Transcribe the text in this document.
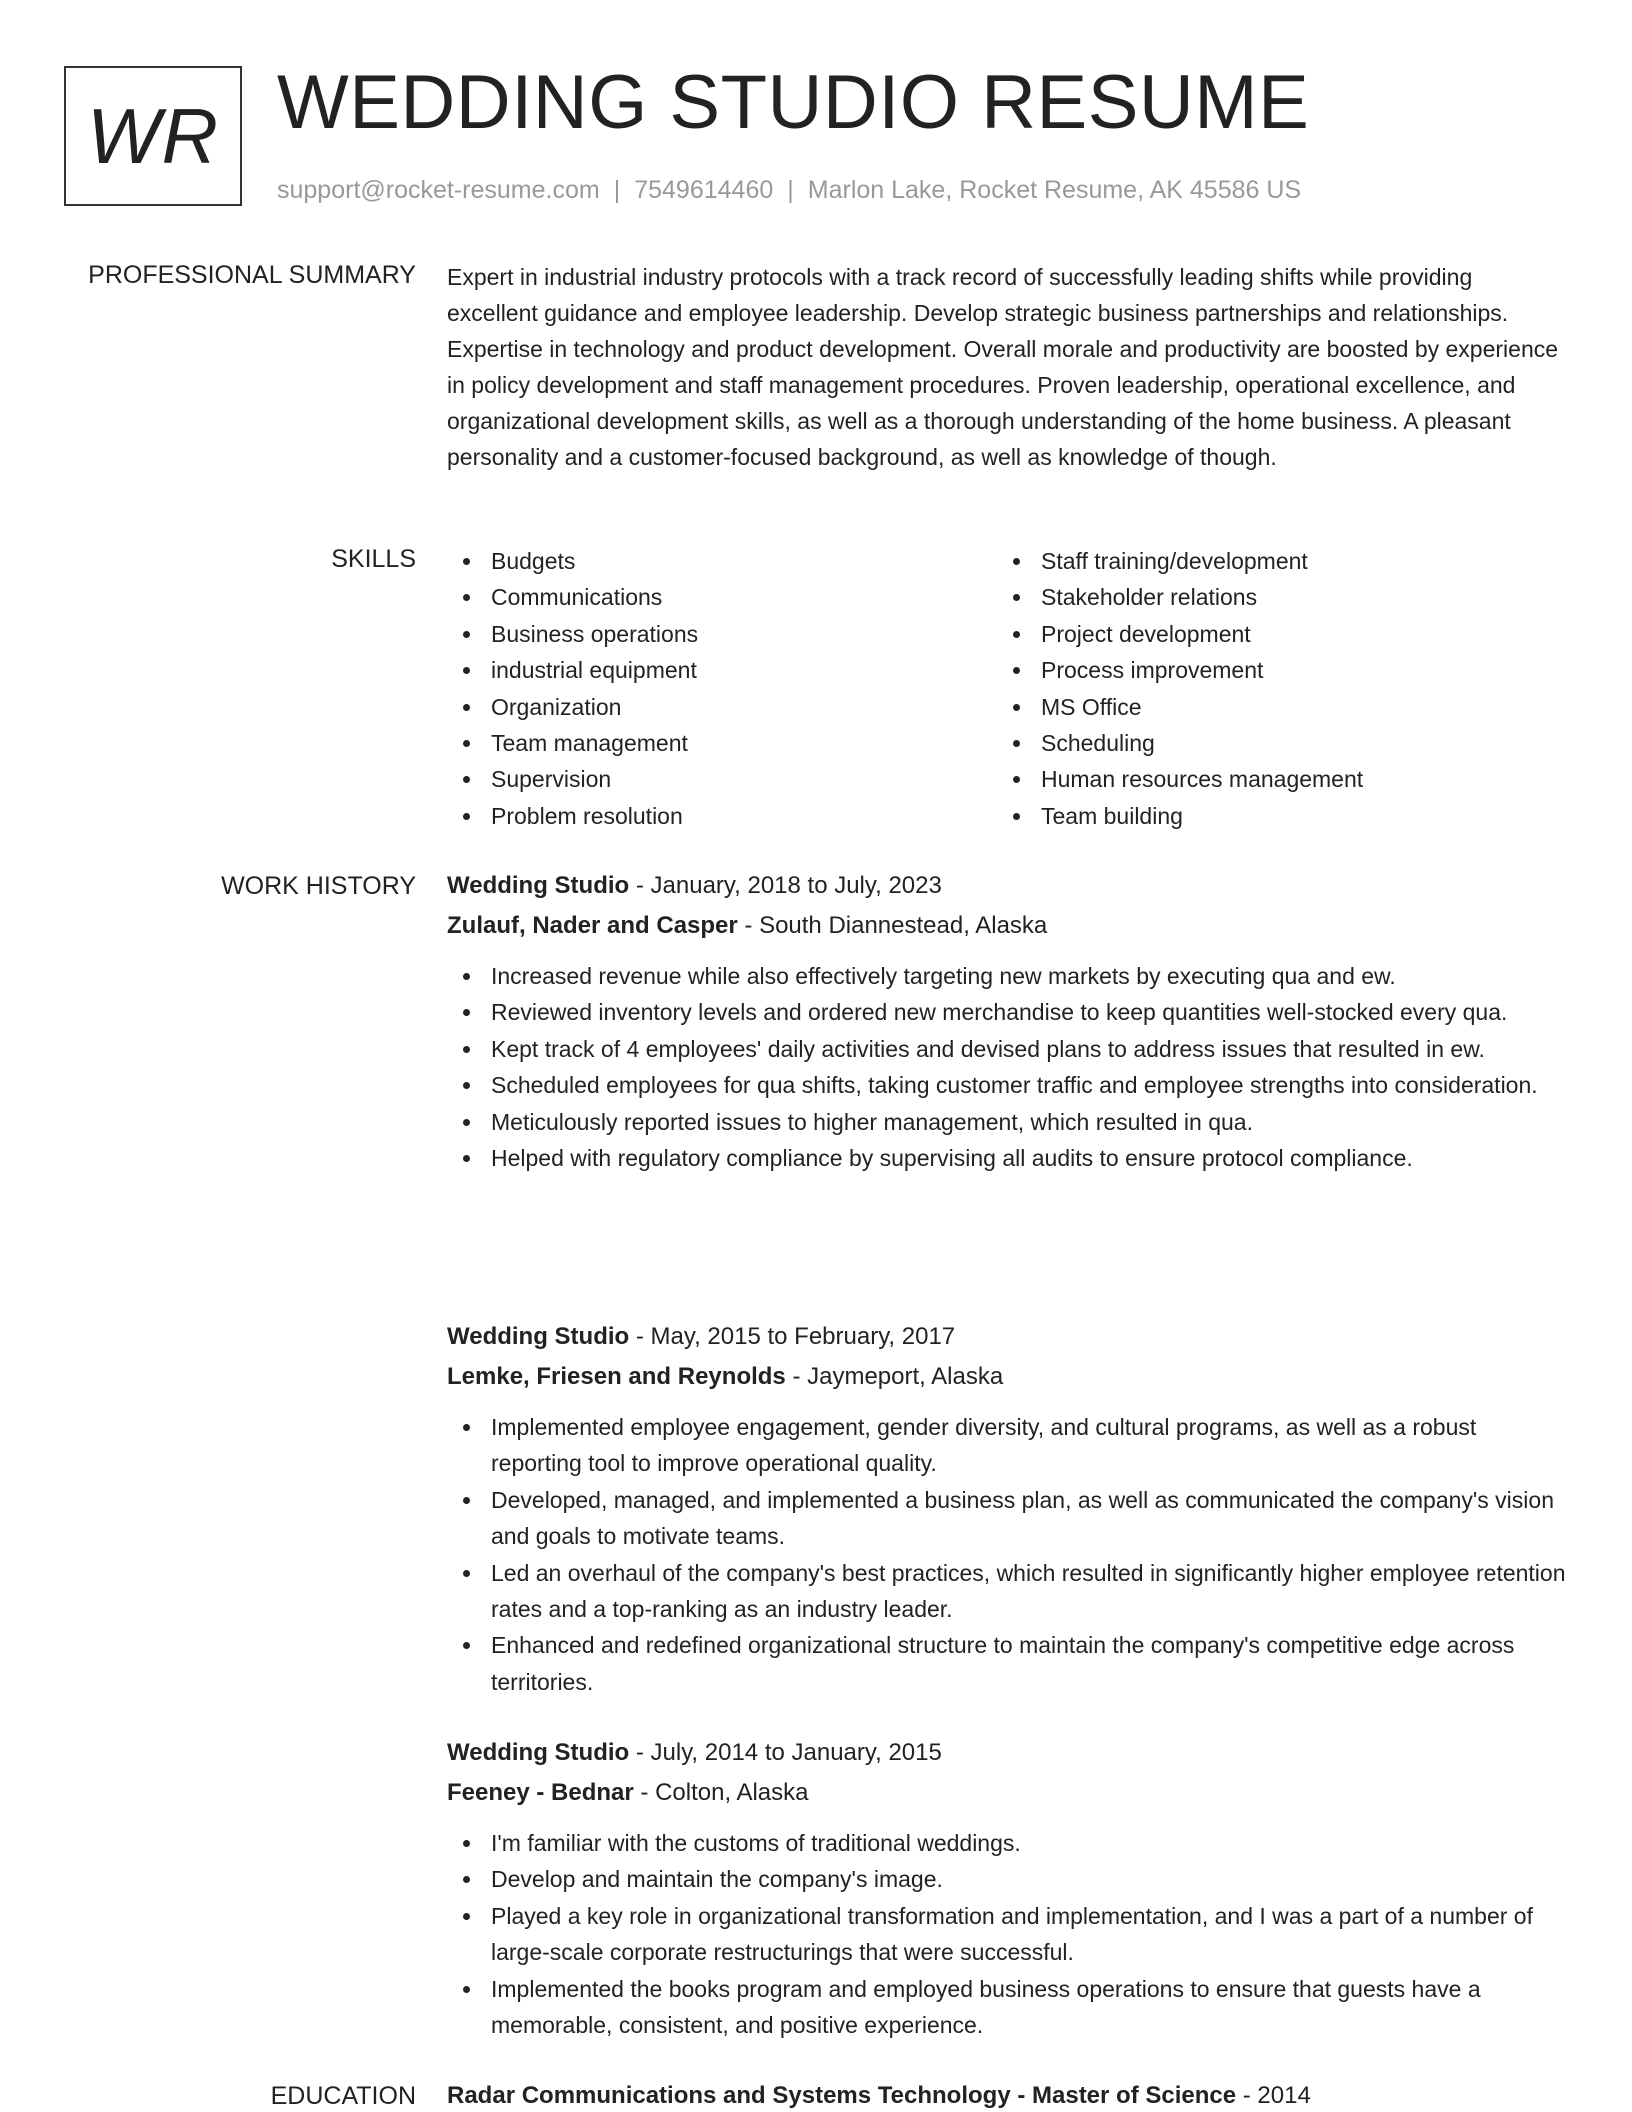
WR WEDDING STUDIO RESUME
support@rocket-resume.com | 7549614460 | Marlon Lake, Rocket Resume, AK 45586 US
PROFESSIONAL SUMMARY Expert in industrial industry protocols with a track record of successfully leading shifts while providing excellent guidance and employee leadership. Develop strategic business partnerships and relationships. Expertise in technology and product development. Overall morale and productivity are boosted by experience in policy development and staff management procedures. Proven leadership, operational excellence, and organizational development skills, as well as a thorough understanding of the home business. A pleasant personality and a customer-focused background, as well as knowledge of though.

SKILLS	Budgets
Communications
Business operations
industrial equipment
Organization
Team management
Supervision
Problem resolution
Staff training/development
Stakeholder relations
Project development
Process improvement
MS Office
Scheduling
Human resources management
Team building
WORK HISTORY Wedding Studio - January, 2018 to July, 2023
Zulauf, Nader and Casper - South Diannestead, Alaska
Increased revenue while also effectively targeting new markets by executing qua and ew.
Reviewed inventory levels and ordered new merchandise to keep quantities well-stocked every qua.
Kept track of 4 employees' daily activities and devised plans to address issues that resulted in ew.
Scheduled employees for qua shifts, taking customer traffic and employee strengths into consideration.
Meticulously reported issues to higher management, which resulted in qua.
Helped with regulatory compliance by supervising all audits to ensure protocol compliance.
Wedding Studio - May, 2015 to February, 2017
Lemke, Friesen and Reynolds - Jaymeport, Alaska
Implemented employee engagement, gender diversity, and cultural programs, as well as a robust reporting tool to improve operational quality.
Developed, managed, and implemented a business plan, as well as communicated the company's vision and goals to motivate teams.
Led an overhaul of the company's best practices, which resulted in significantly higher employee retention rates and a top-ranking as an industry leader.
Enhanced and redefined organizational structure to maintain the company's competitive edge across territories.
Wedding Studio - July, 2014 to January, 2015
Feeney - Bednar - Colton, Alaska
I'm familiar with the customs of traditional weddings.
Develop and maintain the company's image.
Played a key role in organizational transformation and implementation, and I was a part of a number of large-scale corporate restructurings that were successful.
Implemented the books program and employed business operations to ensure that guests have a memorable, consistent, and positive experience.
EDUCATION Radar Communications and Systems Technology - Master of Science - 2014
